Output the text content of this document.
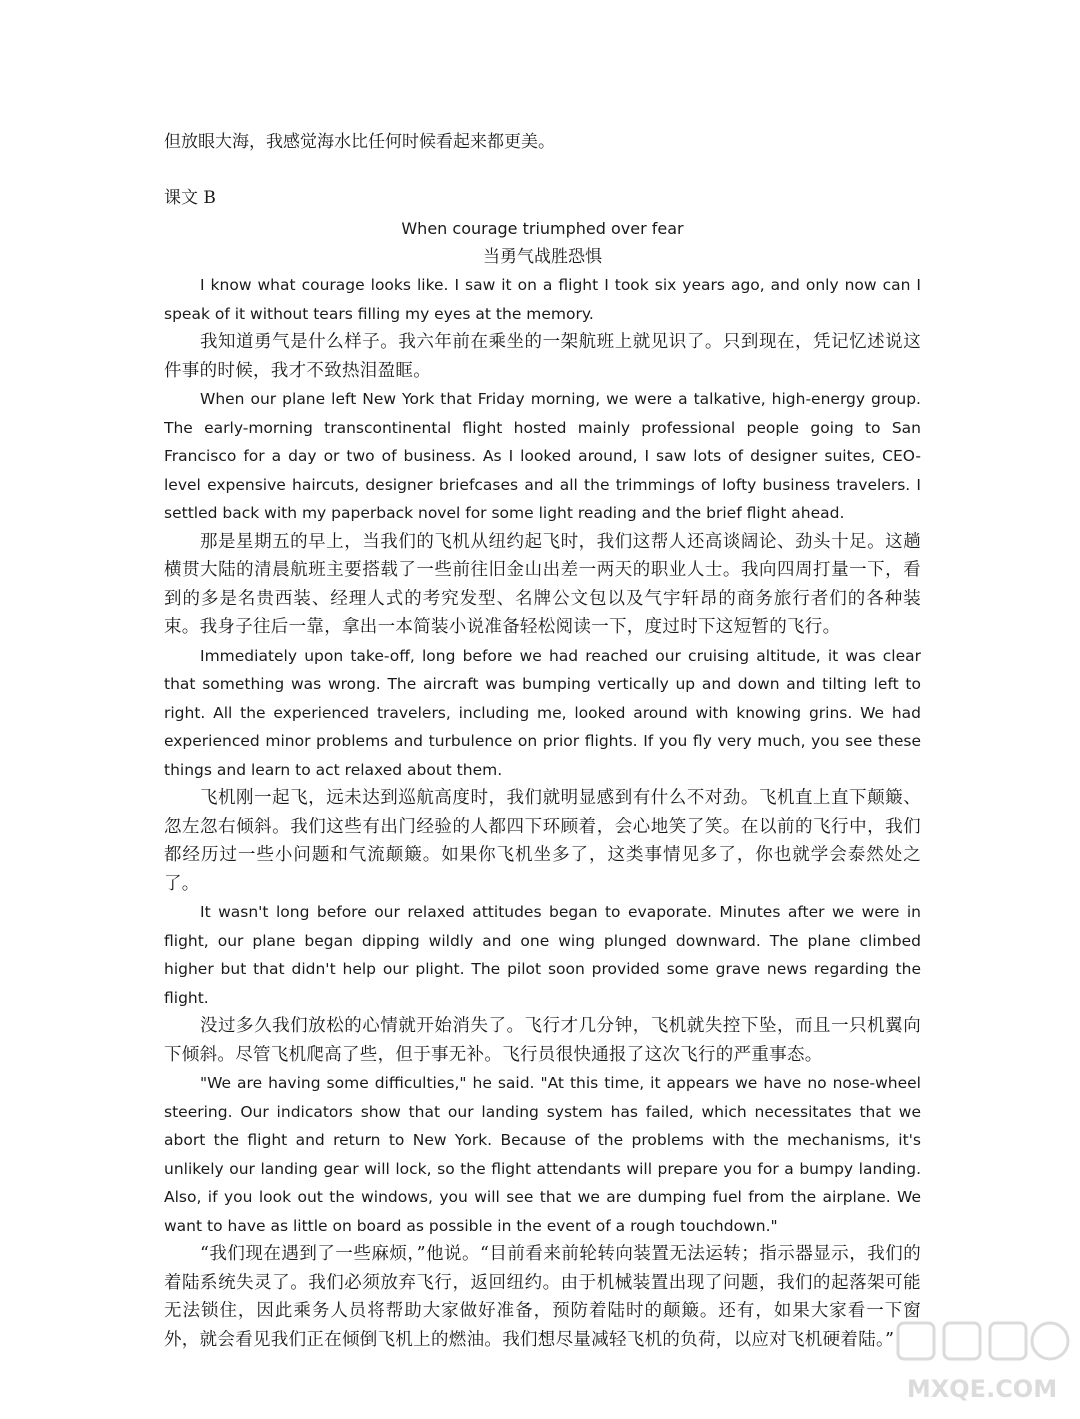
但放眼大海，我感觉海水比任何时候看起来都更美。

课文 B

When courage triumphed over fear

当勇气战胜恐惧

I know what courage looks like. I saw it on a flight I took six years ago, and only now can I speak of it without tears filling my eyes at the memory.

我知道勇气是什么样子。我六年前在乘坐的一架航班上就见识了。只到现在，凭记忆述说这件事的时候，我才不致热泪盈眶。

When our plane left New York that Friday morning, we were a talkative, high-energy group. The early-morning transcontinental flight hosted mainly professional people going to San Francisco for a day or two of business. As I looked around, I saw lots of designer suites, CEO-level expensive haircuts, designer briefcases and all the trimmings of lofty business travelers. I settled back with my paperback novel for some light reading and the brief flight ahead.

那是星期五的早上，当我们的飞机从纽约起飞时，我们这帮人还高谈阔论、劲头十足。这趟横贯大陆的清晨航班主要搭载了一些前往旧金山出差一两天的职业人士。我向四周打量一下，看到的多是名贵西装、经理人式的考究发型、名牌公文包以及气宇轩昂的商务旅行者们的各种装束。我身子往后一靠，拿出一本简装小说准备轻松阅读一下，度过时下这短暂的飞行。

Immediately upon take-off, long before we had reached our cruising altitude, it was clear that something was wrong. The aircraft was bumping vertically up and down and tilting left to right. All the experienced travelers, including me, looked around with knowing grins. We had experienced minor problems and turbulence on prior flights. If you fly very much, you see these things and learn to act relaxed about them.

飞机刚一起飞，远未达到巡航高度时，我们就明显感到有什么不对劲。飞机直上直下颠簸、忽左忽右倾斜。我们这些有出门经验的人都四下环顾着，会心地笑了笑。在以前的飞行中，我们都经历过一些小问题和气流颠簸。如果你飞机坐多了，这类事情见多了，你也就学会泰然处之了。

It wasn't long before our relaxed attitudes began to evaporate. Minutes after we were in flight, our plane began dipping wildly and one wing plunged downward. The plane climbed higher but that didn't help our plight. The pilot soon provided some grave news regarding the flight.

没过多久我们放松的心情就开始消失了。飞行才几分钟，飞机就失控下坠，而且一只机翼向下倾斜。尽管飞机爬高了些，但于事无补。飞行员很快通报了这次飞行的严重事态。

"We are having some difficulties," he said. "At this time, it appears we have no nose-wheel steering. Our indicators show that our landing system has failed, which necessitates that we abort the flight and return to New York. Because of the problems with the mechanisms, it's unlikely our landing gear will lock, so the flight attendants will prepare you for a bumpy landing. Also, if you look out the windows, you will see that we are dumping fuel from the airplane. We want to have as little on board as possible in the event of a rough touchdown."

“我们现在遇到了一些麻烦，”他说。“目前看来前轮转向装置无法运转；指示器显示，我们的着陆系统失灵了。我们必须放弃飞行，返回纽约。由于机械装置出现了问题，我们的起落架可能无法锁住，因此乘务人员将帮助大家做好准备，预防着陆时的颠簸。还有，如果大家看一下窗外，就会看见我们正在倾倒飞机上的燃油。我们想尽量减轻飞机的负荷，以应对飞机硬着陆。”

MXQE.COM
